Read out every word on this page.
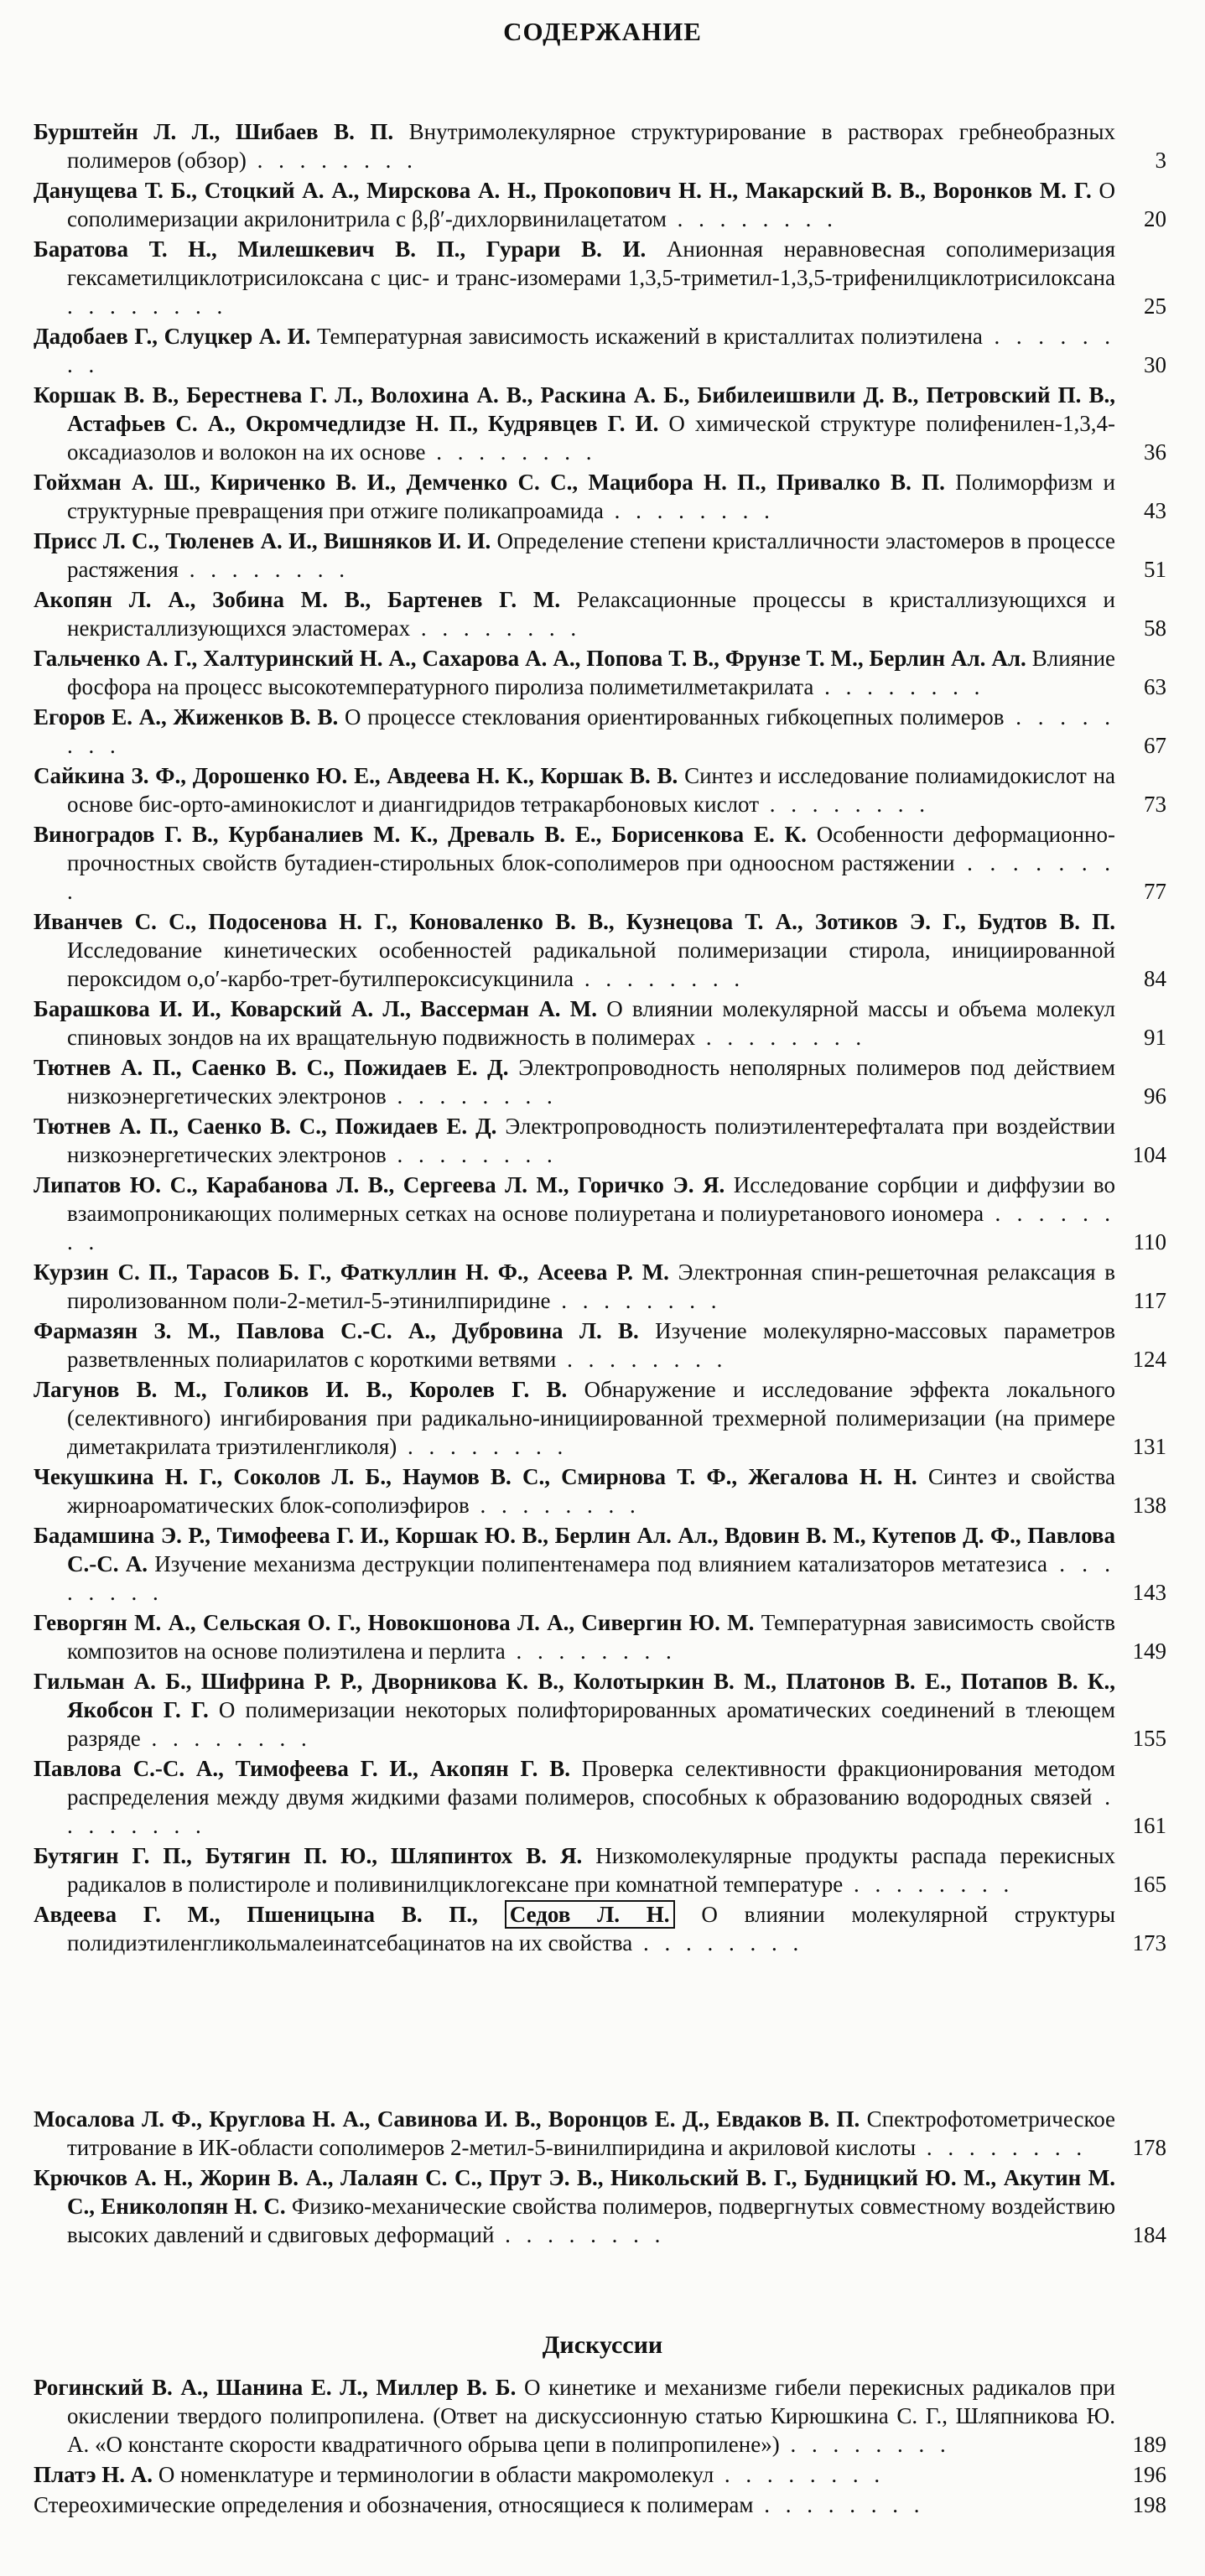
СОДЕРЖАНИЕ

Бурштейн Л. Л., Шибаев В. П. Внутримолекулярное структурирование в растворах гребнеобразных полимеров (обзор) . . . . . . . .	3

Данущева Т. Б., Стоцкий А. А., Мирскова А. Н., Прокопович Н. Н., Макарский В. В., Воронков М. Г. О сополимеризации акрилонитрила с β,β′-дихлорвинилацетатом . . . . . . . .	20

Баратова Т. Н., Милешкевич В. П., Гурари В. И. Анионная неравновесная сополимеризация гексаметилциклотрисилоксана с цис- и транс-изомерами 1,3,5-триметил-1,3,5-трифенилциклотрисилоксана . . . . . . . .	25

Дадобаев Г., Слуцкер А. И. Температурная зависимость искажений в кристаллитах полиэтилена . . . . . . . .	30

Коршак В. В., Берестнева Г. Л., Волохина А. В., Раскина А. Б., Бибилеишвили Д. В., Петровский П. В., Астафьев С. А., Окромчедлидзе Н. П., Кудрявцев Г. И. О химической структуре полифенилен-1,3,4-оксадиазолов и волокон на их основе . . . . . . . .	36

Гойхман А. Ш., Кириченко В. И., Демченко С. С., Мацибора Н. П., Привалко В. П. Полиморфизм и структурные превращения при отжиге поликапроамида . . . . . . . .	43

Присс Л. С., Тюленев А. И., Вишняков И. И. Определение степени кристалличности эластомеров в процессе растяжения . . . . . . . .	51

Акопян Л. А., Зобина М. В., Бартенев Г. М. Релаксационные процессы в кристаллизующихся и некристаллизующихся эластомерах . . . . . . . .	58

Гальченко А. Г., Халтуринский Н. А., Сахарова А. А., Попова Т. В., Фрунзе Т. М., Берлин Ал. Ал. Влияние фосфора на процесс высокотемпературного пиролиза полиметилметакрилата . . . . . . . .	63

Егоров Е. А., Жиженков В. В. О процессе стеклования ориентированных гибкоцепных полимеров . . . . . . . .	67

Сайкина З. Ф., Дорошенко Ю. Е., Авдеева Н. К., Коршак В. В. Синтез и исследование полиамидокислот на основе бис-орто-аминокислот и диангидридов тетракарбоновых кислот . . . . . . . .	73

Виноградов Г. В., Курбаналиев М. К., Древаль В. Е., Борисенкова Е. К. Особенности деформационно-прочностных свойств бутадиен-стирольных блок-сополимеров при одноосном растяжении . . . . . . . .	77

Иванчев С. С., Подосенова Н. Г., Коноваленко В. В., Кузнецова Т. А., Зотиков Э. Г., Будтов В. П. Исследование кинетических особенностей радикальной полимеризации стирола, инициированной пероксидом о,о′-карбо-трет-бутилпероксисукцинила . . . . . . . .	84

Барашкова И. И., Коварский А. Л., Вассерман А. М. О влиянии молекулярной массы и объема молекул спиновых зондов на их вращательную подвижность в полимерах . . . . . . . .	91

Тютнев А. П., Саенко В. С., Пожидаев Е. Д. Электропроводность неполярных полимеров под действием низкоэнергетических электронов . . . . . . . .	96

Тютнев А. П., Саенко В. С., Пожидаев Е. Д. Электропроводность полиэтилентерефталата при воздействии низкоэнергетических электронов . . . . . . . .	104

Липатов Ю. С., Карабанова Л. В., Сергеева Л. М., Горичко Э. Я. Исследование сорбции и диффузии во взаимопроникающих полимерных сетках на основе полиуретана и полиуретанового иономера . . . . . . . .	110

Курзин С. П., Тарасов Б. Г., Фаткуллин Н. Ф., Асеева Р. М. Электронная спин-решеточная релаксация в пиролизованном поли-2-метил-5-этинилпиридине . . . . . . . .	117

Фармазян З. М., Павлова С.-С. А., Дубровина Л. В. Изучение молекулярно-массовых параметров разветвленных полиарилатов с короткими ветвями . . . . . . . .	124

Лагунов В. М., Голиков И. В., Королев Г. В. Обнаружение и исследование эффекта локального (селективного) ингибирования при радикально-инициированной трехмерной полимеризации (на примере диметакрилата триэтиленгликоля) . . . . . . . .	131

Чекушкина Н. Г., Соколов Л. Б., Наумов В. С., Смирнова Т. Ф., Жегалова Н. Н. Синтез и свойства жирноароматических блок-сополиэфиров . . . . . . . .	138

Бадамшина Э. Р., Тимофеева Г. И., Коршак Ю. В., Берлин Ал. Ал., Вдовин В. М., Кутепов Д. Ф., Павлова С.-С. А. Изучение механизма деструкции полипентенамера под влиянием катализаторов метатезиса . . . . . . . .	143

Геворгян М. А., Сельская О. Г., Новокшонова Л. А., Сивергин Ю. М. Температурная зависимость свойств композитов на основе полиэтилена и перлита . . . . . . . .	149

Гильман А. Б., Шифрина Р. Р., Дворникова К. В., Колотыркин В. М., Платонов В. Е., Потапов В. К., Якобсон Г. Г. О полимеризации некоторых полифторированных ароматических соединений в тлеющем разряде . . . . . . . .	155

Павлова С.-С. А., Тимофеева Г. И., Акопян Г. В. Проверка селективности фракционирования методом распределения между двумя жидкими фазами полимеров, способных к образованию водородных связей . . . . . . . .	161

Бутягин Г. П., Бутягин П. Ю., Шляпинтох В. Я. Низкомолекулярные продукты распада перекисных радикалов в полистироле и поливинилциклогексане при комнатной температуре . . . . . . . .	165

Авдеева Г. М., Пшеницына В. П., Седов Л. Н. О влиянии молекулярной структуры полидиэтиленгликольмалеинатсебацинатов на их свойства . . . . . . . .	173

Мосалова Л. Ф., Круглова Н. А., Савинова И. В., Воронцов Е. Д., Евдаков В. П. Спектрофотометрическое титрование в ИК-области сополимеров 2-метил-5-винилпиридина и акриловой кислоты . . . . . . . .	178

Крючков А. Н., Жорин В. А., Лалаян С. С., Прут Э. В., Никольский В. Г., Будницкий Ю. М., Акутин М. С., Ениколопян Н. С. Физико-механические свойства полимеров, подвергнутых совместному воздействию высоких давлений и сдвиговых деформаций . . . . . . . .	184
Дискуссии

Рогинский В. А., Шанина Е. Л., Миллер В. Б. О кинетике и механизме гибели перекисных радикалов при окислении твердого полипропилена. (Ответ на дискуссионную статью Кирюшкина С. Г., Шляпникова Ю. А. «О константе скорости квадратичного обрыва цепи в полипропилене») . . . . . . . .	189

Платэ Н. А. О номенклатуре и терминологии в области макромолекул . . . . . . . .	196

Стереохимические определения и обозначения, относящиеся к полимерам . . . . . . . .	198
